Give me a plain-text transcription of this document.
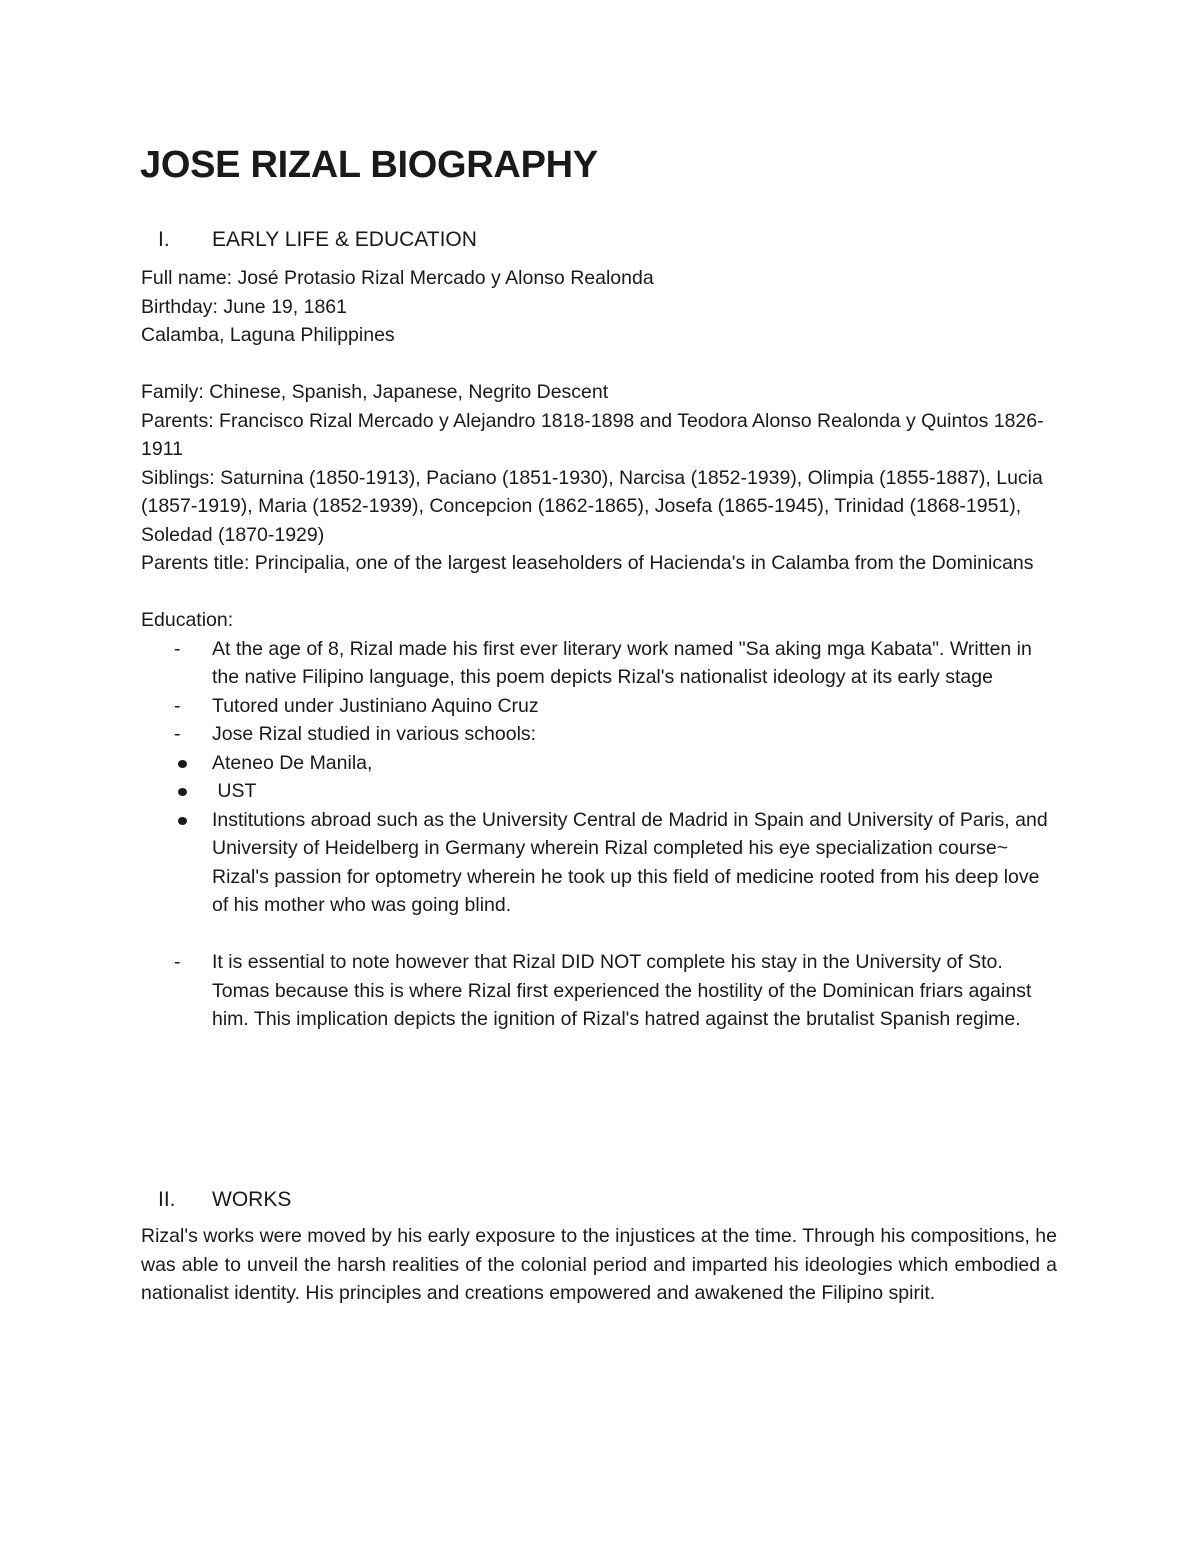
JOSE RIZAL BIOGRAPHY
I. EARLY LIFE & EDUCATION

Full name: José Protasio Rizal Mercado y Alonso Realonda

Birthday: June 19, 1861

Calamba, Laguna Philippines

Family: Chinese, Spanish, Japanese, Negrito Descent

Parents: Francisco Rizal Mercado y Alejandro 1818-1898 and Teodora Alonso Realonda y Quintos 1826-1911

Siblings: Saturnina (1850-1913), Paciano (1851-1930), Narcisa (1852-1939), Olimpia (1855-1887), Lucia (1857-1919), Maria (1852-1939), Concepcion (1862-1865), Josefa (1865-1945), Trinidad (1868-1951), Soledad (1870-1929)

Parents title: Principalia, one of the largest leaseholders of Hacienda's in Calamba from the Dominicans

Education:

- At the age of 8, Rizal made his first ever literary work named "Sa aking mga Kabata". Written in the native Filipino language, this poem depicts Rizal's nationalist ideology at its early stage
- Tutored under Justiniano Aquino Cruz
- Jose Rizal studied in various schools:
Ateneo De Manila,
UST
Institutions abroad such as the University Central de Madrid in Spain and University of Paris, and University of Heidelberg in Germany wherein Rizal completed his eye specialization course~ Rizal's passion for optometry wherein he took up this field of medicine rooted from his deep love of his mother who was going blind.

- It is essential to note however that Rizal DID NOT complete his stay in the University of Sto. Tomas because this is where Rizal first experienced the hostility of the Dominican friars against him. This implication depicts the ignition of Rizal's hatred against the brutalist Spanish regime.
II. WORKS

Rizal's works were moved by his early exposure to the injustices at the time. Through his compositions, he was able to unveil the harsh realities of the colonial period and imparted his ideologies which embodied a nationalist identity. His principles and creations empowered and awakened the Filipino spirit.
